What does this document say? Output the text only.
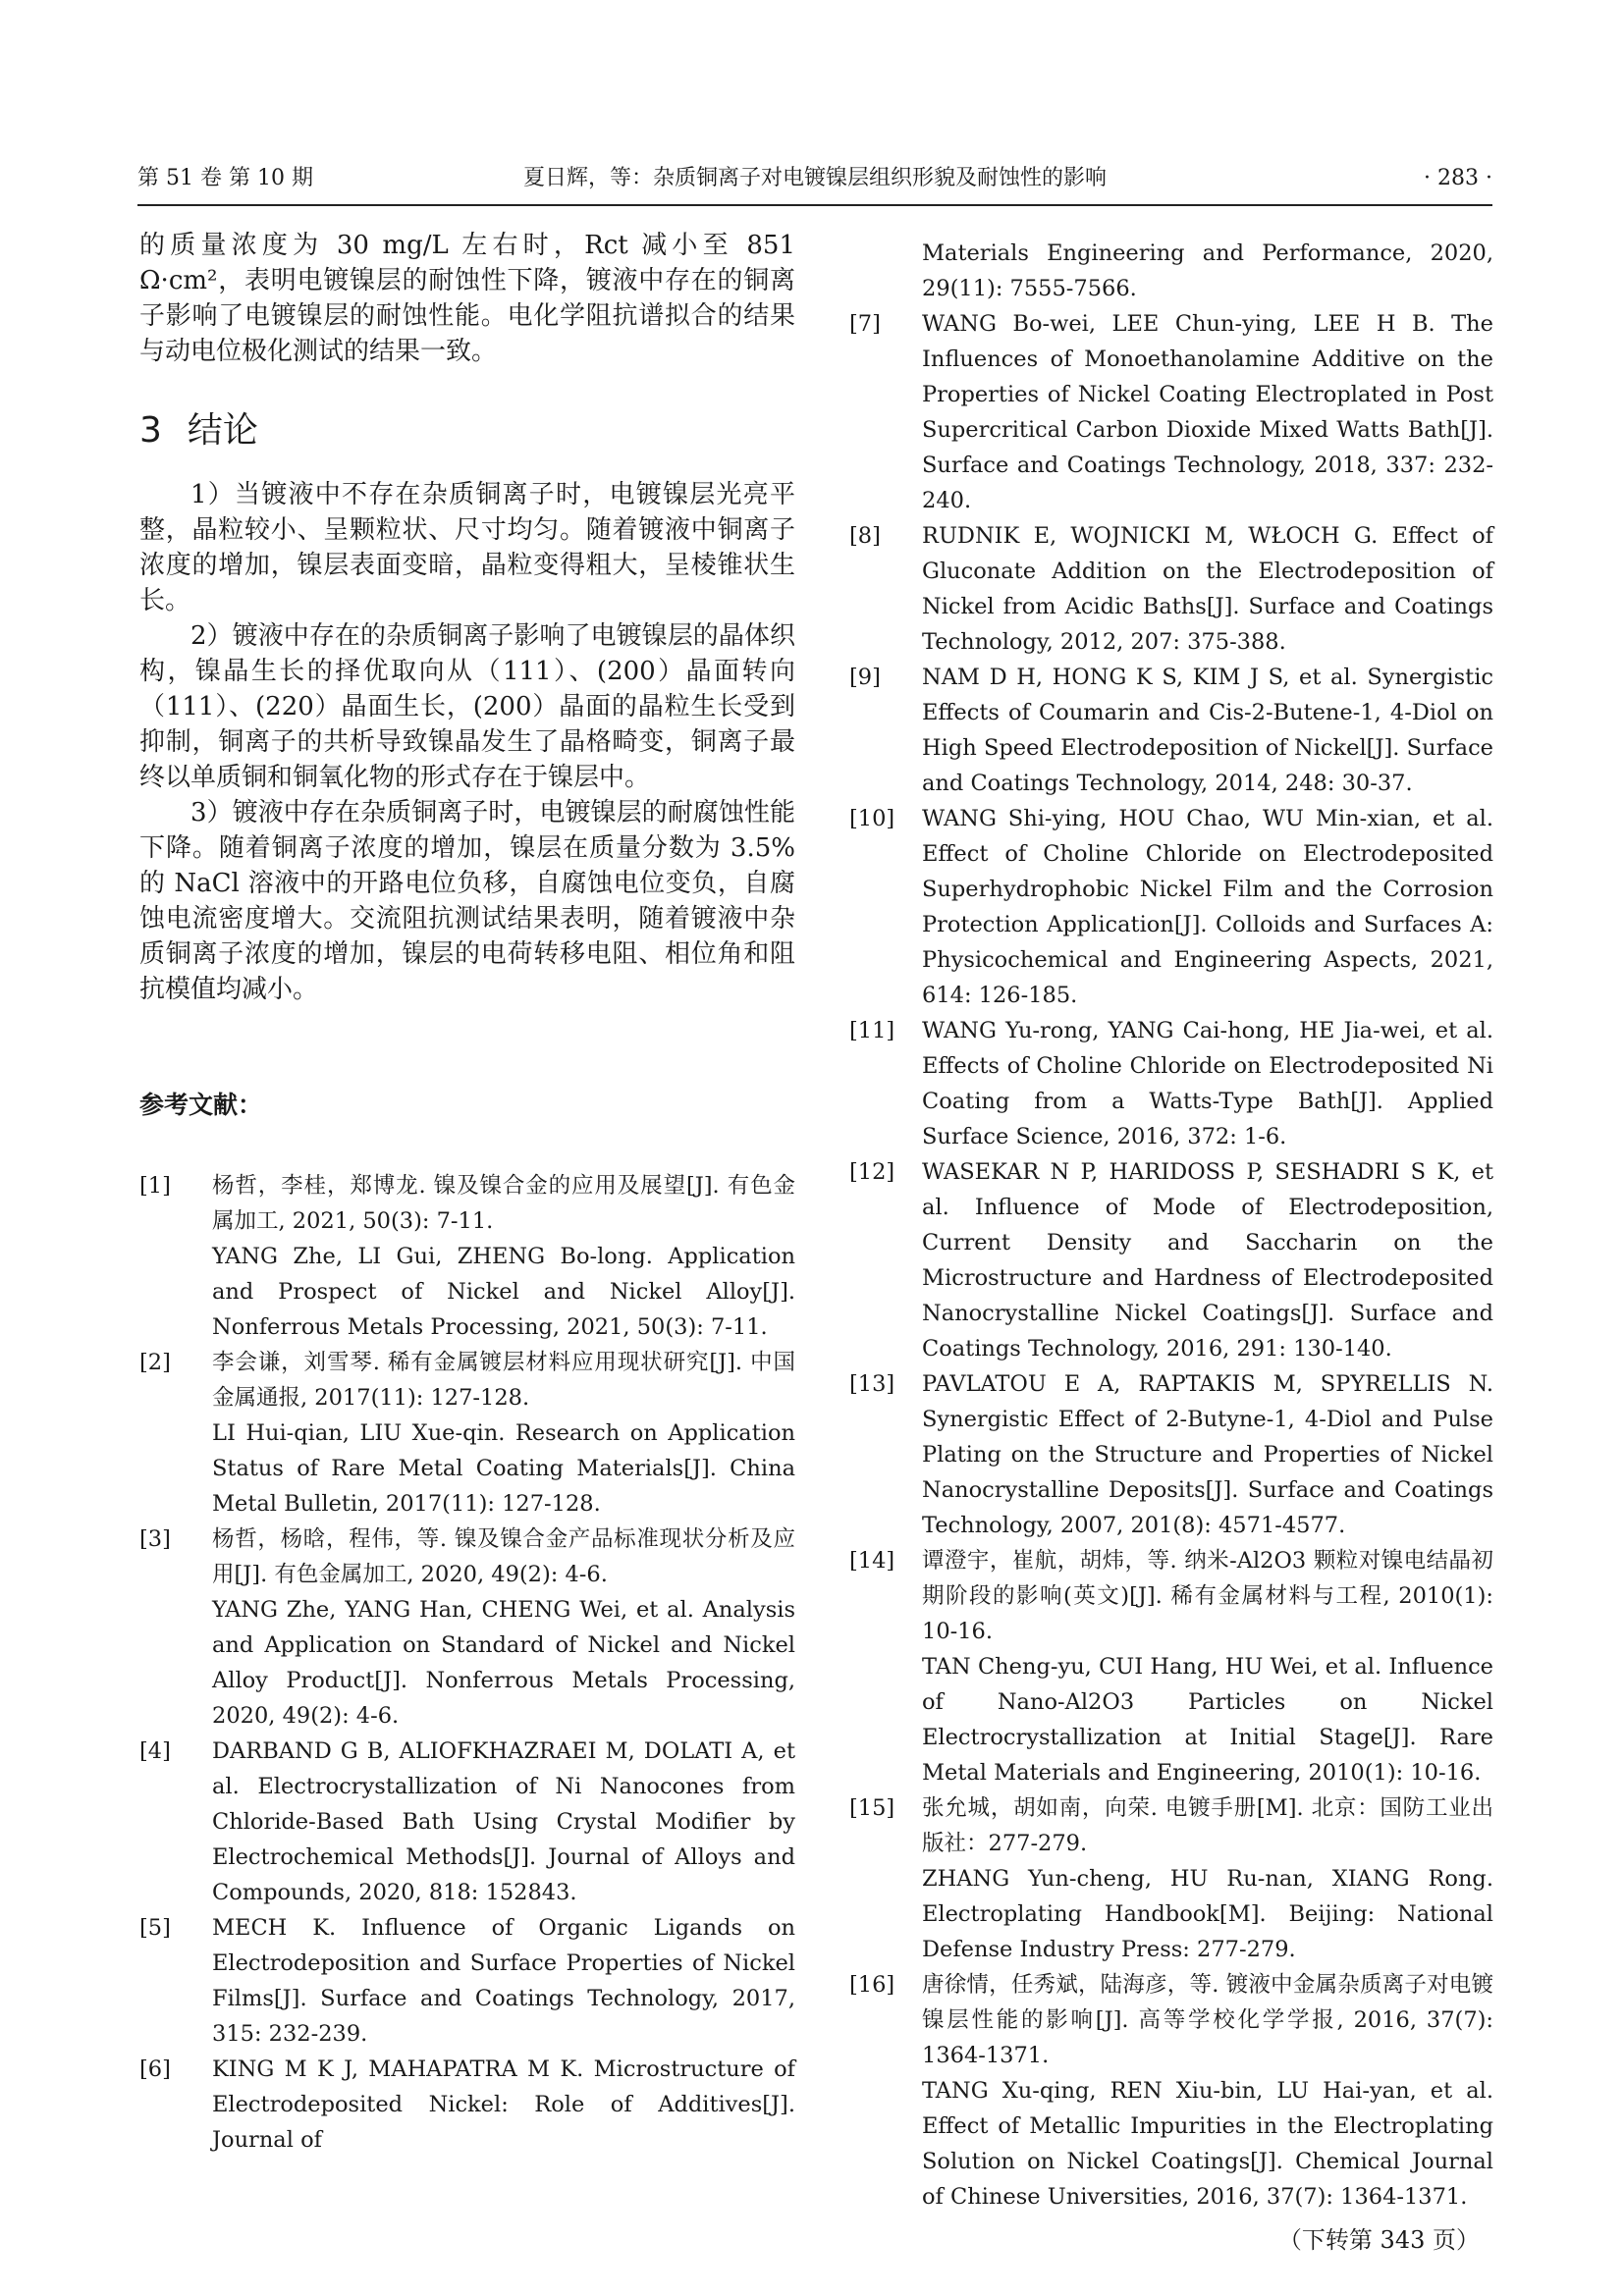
第 51 卷 第 10 期	夏日辉，等：杂质铜离子对电镀镍层组织形貌及耐蚀性的影响	· 283 ·

的质量浓度为 30 mg/L 左右时，Rct 减小至 851 Ω·cm²，表明电镀镍层的耐蚀性下降，镀液中存在的铜离子影响了电镀镍层的耐蚀性能。电化学阻抗谱拟合的结果与动电位极化测试的结果一致。

3 结论

1）当镀液中不存在杂质铜离子时，电镀镍层光亮平整，晶粒较小、呈颗粒状、尺寸均匀。随着镀液中铜离子浓度的增加，镍层表面变暗，晶粒变得粗大，呈棱锥状生长。

2）镀液中存在的杂质铜离子影响了电镀镍层的晶体织构，镍晶生长的择优取向从（111）、(200）晶面转向（111）、(220）晶面生长，(200）晶面的晶粒生长受到抑制，铜离子的共析导致镍晶发生了晶格畸变，铜离子最终以单质铜和铜氧化物的形式存在于镍层中。

3）镀液中存在杂质铜离子时，电镀镍层的耐腐蚀性能下降。随着铜离子浓度的增加，镍层在质量分数为 3.5%的 NaCl 溶液中的开路电位负移，自腐蚀电位变负，自腐蚀电流密度增大。交流阻抗测试结果表明，随着镀液中杂质铜离子浓度的增加，镍层的电荷转移电阻、相位角和阻抗模值均减小。

参考文献：
[1] 杨哲，李桂，郑博龙. 镍及镍合金的应用及展望[J]. 有色金属加工, 2021, 50(3): 7-11.
YANG Zhe, LI Gui, ZHENG Bo-long. Application and Prospect of Nickel and Nickel Alloy[J]. Nonferrous Metals Processing, 2021, 50(3): 7-11.
[2] 李会谦，刘雪琴. 稀有金属镀层材料应用现状研究[J]. 中国金属通报, 2017(11): 127-128.
LI Hui-qian, LIU Xue-qin. Research on Application Status of Rare Metal Coating Materials[J]. China Metal Bulletin, 2017(11): 127-128.
[3] 杨哲，杨晗，程伟，等. 镍及镍合金产品标准现状分析及应用[J]. 有色金属加工, 2020, 49(2): 4-6.
YANG Zhe, YANG Han, CHENG Wei, et al. Analysis and Application on Standard of Nickel and Nickel Alloy Product[J]. Nonferrous Metals Processing, 2020, 49(2): 4-6.
[4] DARBAND G B, ALIOFKHAZRAEI M, DOLATI A, et al. Electrocrystallization of Ni Nanocones from Chloride-Based Bath Using Crystal Modifier by Electrochemical Methods[J]. Journal of Alloys and Compounds, 2020, 818: 152843.
[5] MECH K. Influence of Organic Ligands on Electrodeposition and Surface Properties of Nickel Films[J]. Surface and Coatings Technology, 2017, 315: 232-239.
[6] KING M K J, MAHAPATRA M K. Microstructure of Electrodeposited Nickel: Role of Additives[J]. Journal of
Materials Engineering and Performance, 2020, 29(11): 7555-7566.
[7] WANG Bo-wei, LEE Chun-ying, LEE H B. The Influences of Monoethanolamine Additive on the Properties of Nickel Coating Electroplated in Post Supercritical Carbon Dioxide Mixed Watts Bath[J]. Surface and Coatings Technology, 2018, 337: 232-240.
[8] RUDNIK E, WOJNICKI M, WŁOCH G. Effect of Gluconate Addition on the Electrodeposition of Nickel from Acidic Baths[J]. Surface and Coatings Technology, 2012, 207: 375-388.
[9] NAM D H, HONG K S, KIM J S, et al. Synergistic Effects of Coumarin and Cis-2-Butene-1, 4-Diol on High Speed Electrodeposition of Nickel[J]. Surface and Coatings Technology, 2014, 248: 30-37.
[10] WANG Shi-ying, HOU Chao, WU Min-xian, et al. Effect of Choline Chloride on Electrodeposited Superhydrophobic Nickel Film and the Corrosion Protection Application[J]. Colloids and Surfaces A: Physicochemical and Engineering Aspects, 2021, 614: 126-185.
[11] WANG Yu-rong, YANG Cai-hong, HE Jia-wei, et al. Effects of Choline Chloride on Electrodeposited Ni Coating from a Watts-Type Bath[J]. Applied Surface Science, 2016, 372: 1-6.
[12] WASEKAR N P, HARIDOSS P, SESHADRI S K, et al. Influence of Mode of Electrodeposition, Current Density and Saccharin on the Microstructure and Hardness of Electrodeposited Nanocrystalline Nickel Coatings[J]. Surface and Coatings Technology, 2016, 291: 130-140.
[13] PAVLATOU E A, RAPTAKIS M, SPYRELLIS N. Synergistic Effect of 2-Butyne-1, 4-Diol and Pulse Plating on the Structure and Properties of Nickel Nanocrystalline Deposits[J]. Surface and Coatings Technology, 2007, 201(8): 4571-4577.
[14] 谭澄宇，崔航，胡炜，等. 纳米-Al2O3 颗粒对镍电结晶初期阶段的影响(英文)[J]. 稀有金属材料与工程, 2010(1): 10-16.
TAN Cheng-yu, CUI Hang, HU Wei, et al. Influence of Nano-Al2O3 Particles on Nickel Electrocrystallization at Initial Stage[J]. Rare Metal Materials and Engineering, 2010(1): 10-16.
[15] 张允城，胡如南，向荣. 电镀手册[M]. 北京：国防工业出版社：277-279.
ZHANG Yun-cheng, HU Ru-nan, XIANG Rong. Electroplating Handbook[M]. Beijing: National Defense Industry Press: 277-279.
[16] 唐徐情，任秀斌，陆海彦，等. 镀液中金属杂质离子对电镀镍层性能的影响[J]. 高等学校化学学报, 2016, 37(7): 1364-1371.
TANG Xu-qing, REN Xiu-bin, LU Hai-yan, et al. Effect of Metallic Impurities in the Electroplating Solution on Nickel Coatings[J]. Chemical Journal of Chinese Universities, 2016, 37(7): 1364-1371.
（下转第 343 页）
